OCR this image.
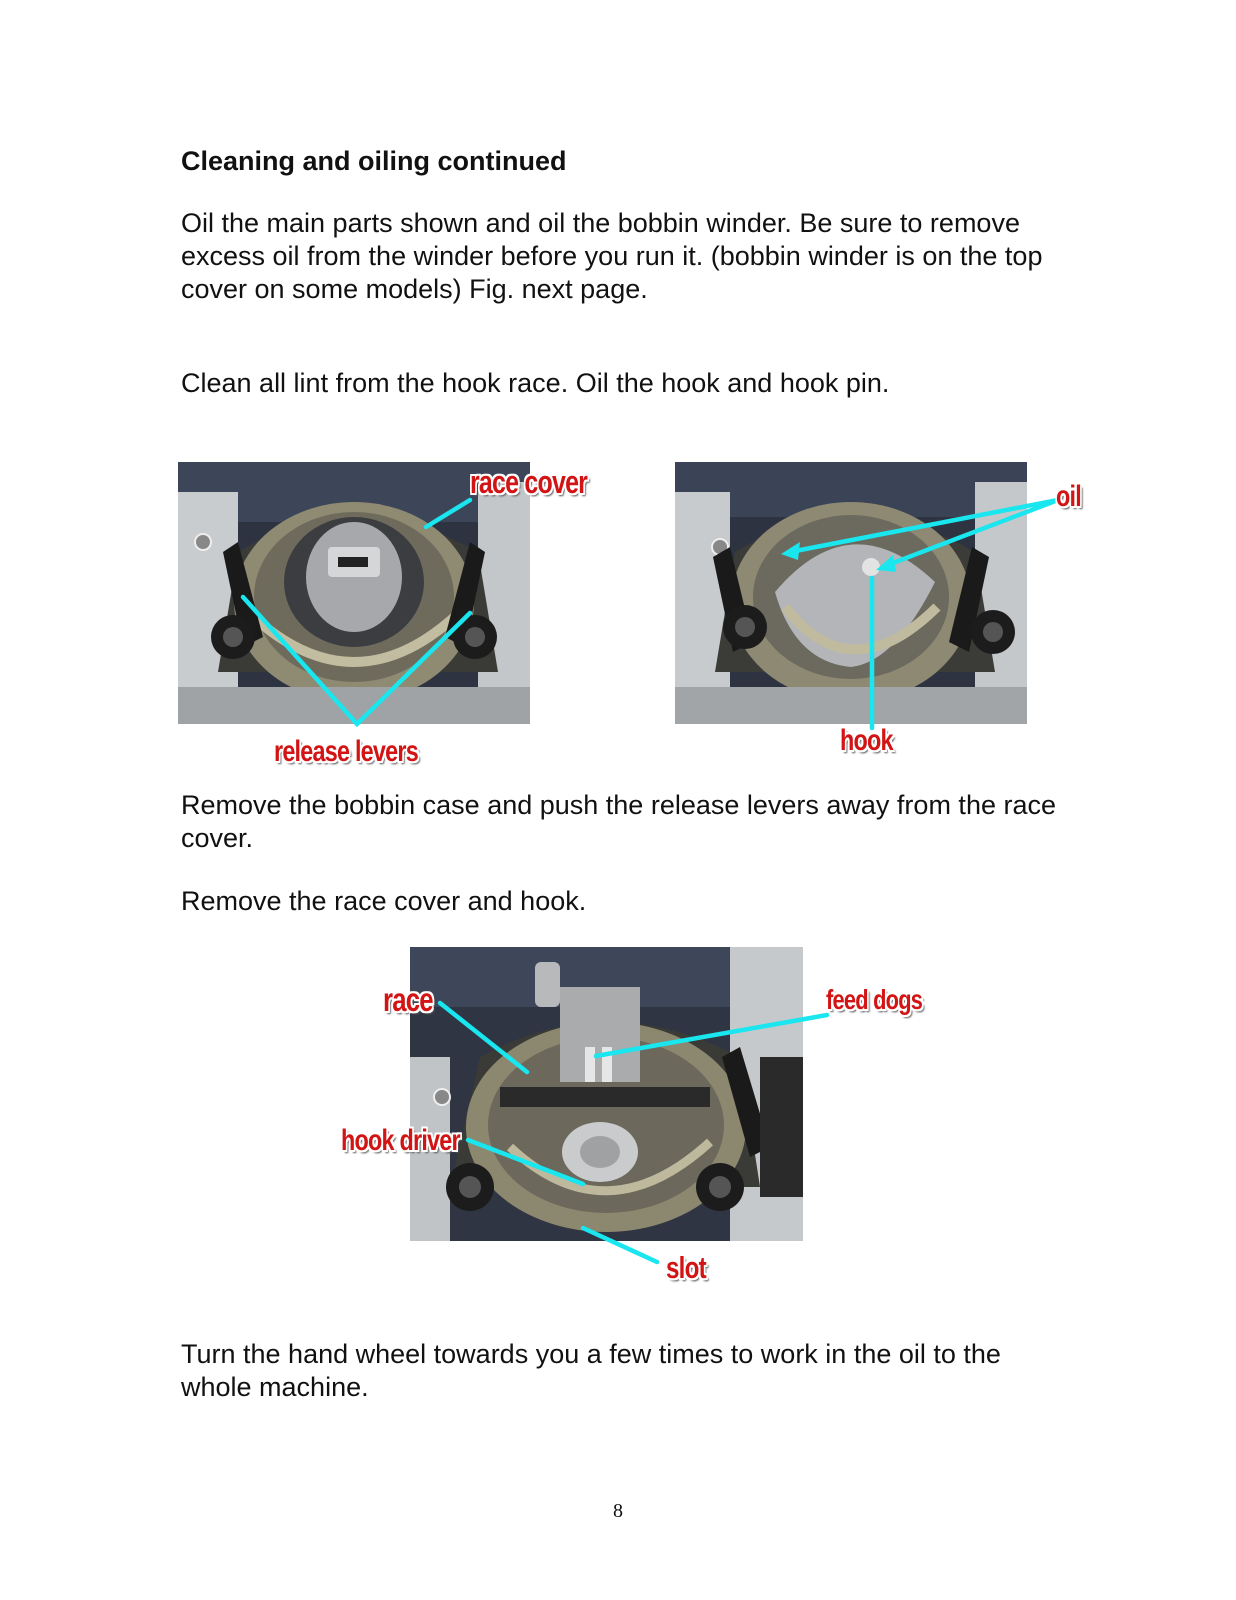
Cleaning and oiling continued

Oil the main parts shown and oil the bobbin winder. Be sure to remove excess oil from the winder before you run it. (bobbin winder is on the top cover on some models) Fig. next page.

Clean all lint from the hook race. Oil the hook and hook pin.

Remove the bobbin case and push the release levers away from the race cover.

Remove the race cover and hook.

race cover
release levers
oil
hook
race	feed dogs
hook driver
slot

Turn the hand wheel towards you a few times to work in the oil to the whole machine.

8
